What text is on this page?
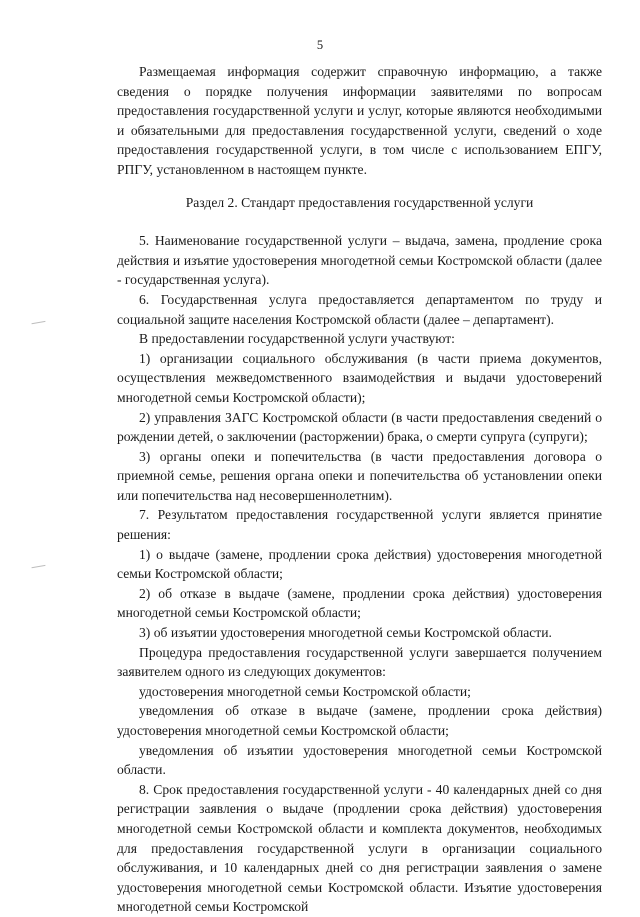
5

Размещаемая информация содержит справочную информацию, а также сведения о порядке получения информации заявителями по вопросам предоставления государственной услуги и услуг, которые являются необходимыми и обязательными для предоставления государственной услуги, сведений о ходе предоставления государственной услуги, в том числе с использованием ЕПГУ, РПГУ, установленном в настоящем пункте.

Раздел 2. Стандарт предоставления государственной услуги

5. Наименование государственной услуги – выдача, замена, продление срока действия и изъятие удостоверения многодетной семьи Костромской области (далее - государственная услуга).

6. Государственная услуга предоставляется департаментом по труду и социальной защите населения Костромской области (далее – департамент).

В предоставлении государственной услуги участвуют:

1) организации социального обслуживания (в части приема документов, осуществления межведомственного взаимодействия и выдачи удостоверений многодетной семьи Костромской области);

2) управления ЗАГС Костромской области (в части предоставления сведений о рождении детей, о заключении (расторжении) брака, о смерти супруга (супруги);

3) органы опеки и попечительства (в части предоставления договора о приемной семье, решения органа опеки и попечительства об установлении опеки или попечительства над несовершеннолетним).

7. Результатом предоставления государственной услуги является принятие решения:

1) о выдаче (замене, продлении срока действия) удостоверения многодетной семьи Костромской области;

2) об отказе в выдаче (замене, продлении срока действия) удостоверения многодетной семьи Костромской области;

3) об изъятии удостоверения многодетной семьи Костромской области.

Процедура предоставления государственной услуги завершается получением заявителем одного из следующих документов:

удостоверения многодетной семьи Костромской области;

уведомления об отказе в выдаче (замене, продлении срока действия) удостоверения многодетной семьи Костромской области;

уведомления об изъятии удостоверения многодетной семьи Костромской области.

8. Срок предоставления государственной услуги - 40 календарных дней со дня регистрации заявления о выдаче (продлении срока действия) удостоверения многодетной семьи Костромской области и комплекта документов, необходимых для предоставления государственной услуги в организации социального обслуживания, и 10 календарных дней со дня регистрации заявления о замене удостоверения многодетной семьи Костромской области. Изъятие удостоверения многодетной семьи Костромской
